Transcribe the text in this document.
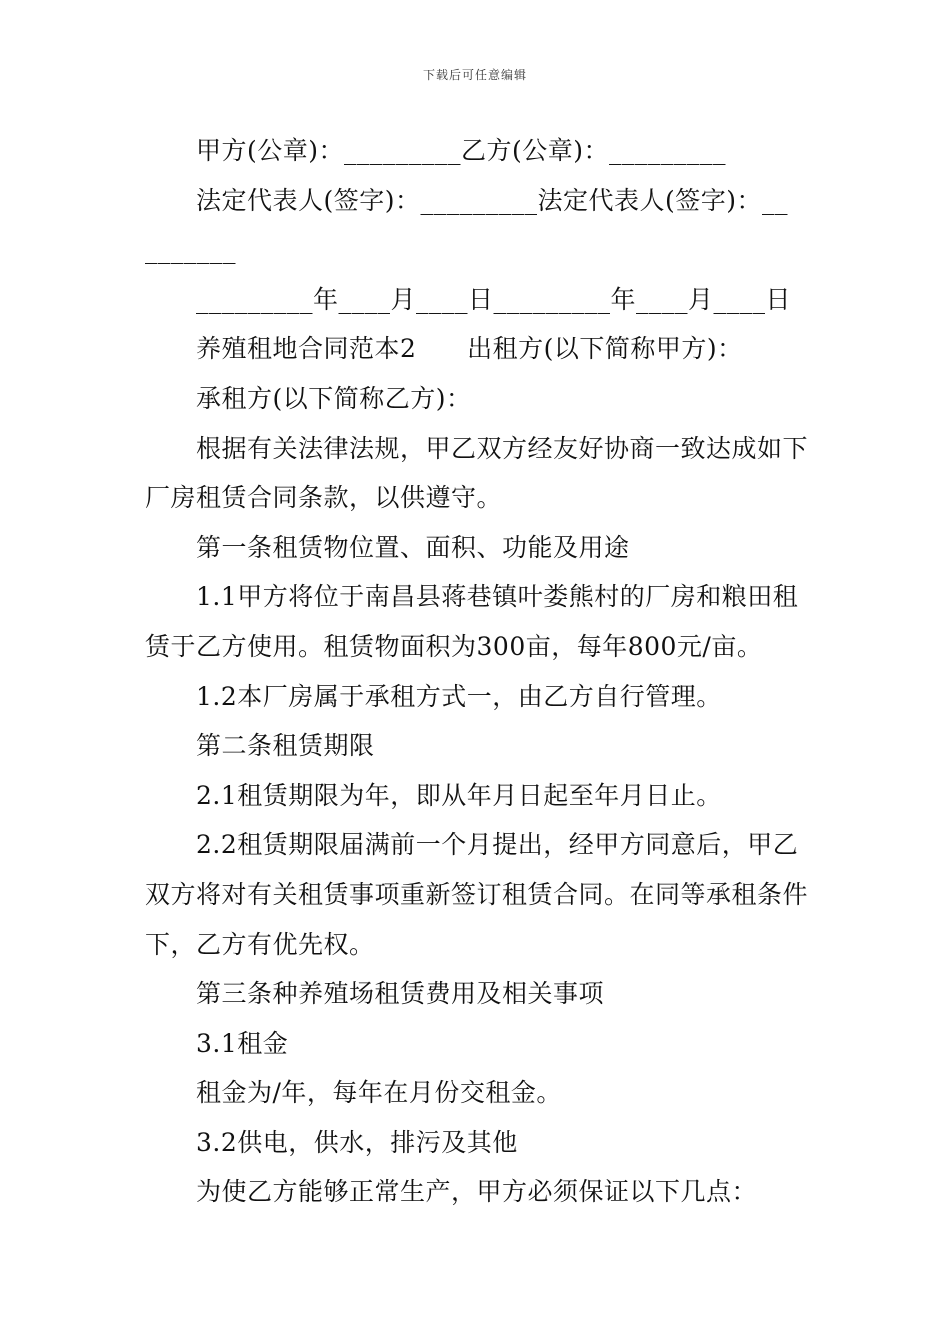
下载后可任意编辑

甲方(公章)：_________乙方(公章)：_________

法定代表人(签字)：_________法定代表人(签字)：__

_______

_________年____月____日_________年____月____日

养殖租地合同范本2      出租方(以下简称甲方)：

承租方(以下简称乙方)：

根据有关法律法规，甲乙双方经友好协商一致达成如下厂房租赁合同条款，以供遵守。

第一条租赁物位置、面积、功能及用途

1.1甲方将位于南昌县蒋巷镇叶娄熊村的厂房和粮田租赁于乙方使用。租赁物面积为300亩，每年800元/亩。

1.2本厂房属于承租方式一，由乙方自行管理。

第二条租赁期限

2.1租赁期限为年，即从年月日起至年月日止。

2.2租赁期限届满前一个月提出，经甲方同意后，甲乙双方将对有关租赁事项重新签订租赁合同。在同等承租条件下，乙方有优先权。

第三条种养殖场租赁费用及相关事项

3.1租金

租金为/年，每年在月份交租金。

3.2供电，供水，排污及其他

为使乙方能够正常生产，甲方必须保证以下几点：
